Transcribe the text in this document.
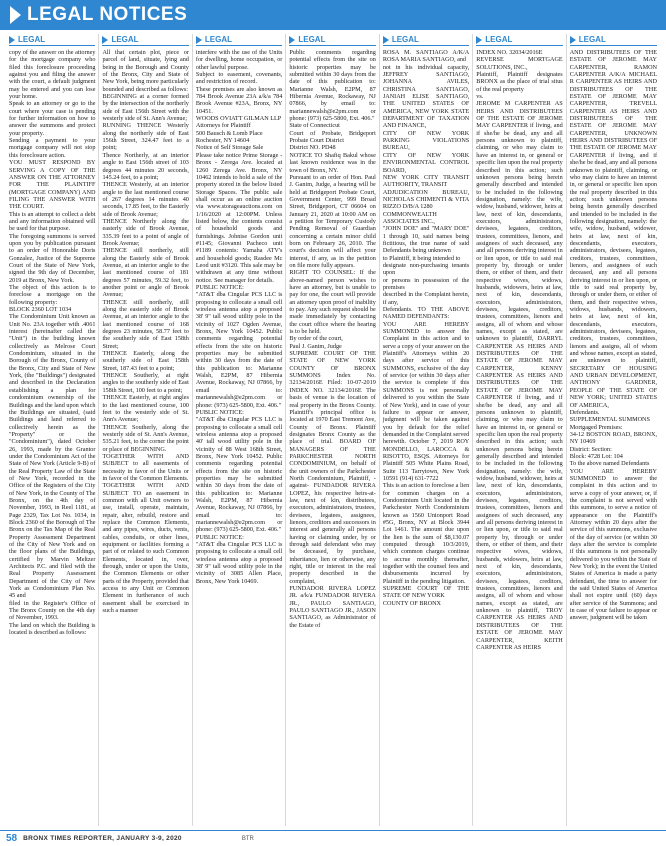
LEGAL NOTICES
LEGAL
copy of the answer on the attorney for the mortgage company who filed this foreclosure proceeding against you and filing the answer with the court, a default judgment may be entered and you can lose your home.
Speak to an attorney or go to the court where your case is pending for further information on how to answer the summons and protect your property.
Sending a payment to your mortgage company will not stop this foreclosure action.
YOU MUST RESPOND BY SERVING A COPY OF THE ANSWER ON THE ATTORNEY FOR THE PLAINTIFF (MORTGAGE COMPANY) AND FILING THE ANSWER WITH THE COURT.
This is an attempt to collect a debt and any information obtained will be used for that purpose.
The foregoing summons is served upon you by publication pursuant to an order of Honorable Doris Gonzalez, Justice of the Supreme Court of the State of New York, signed the 9th day of December, 2019 at Bronx, New York.
The object of this action is to foreclose a mortgage on the following property:
BLOCK 2360 LOT 1034
The Condominium Unit known as Unit No. 23A together with .4061 interest (hereinafter called the "Unit") in the building known collectively as Melrose Court Condominium, situated in the Borough of the Bronx, County of the Bronx, City and State of New York, (the "Buildings") designated and described in the Declaration establishing a plan for condominium ownership of the Buildings and the land upon which the Buildings are situated, (said Buildings and land referred to collectively herein as the "Property" or the "Condominium"), dated October 26, 1993, made by the Grantor under the Condominium Act of the State of New York (Article 9-B) of the Real Property Law of the State of New York, recorded in the Office of the Registers of the City of New York, in the County of The Bronx, on the 4th day of November, 1993, in Reel 1181, at Page 2329, Tax Lot No. 1034, in Block 2360 of the Borough of The Bronx on the Tax Map of the Real Property Assessment Department of the City of New York and on the floor plans of the Buildings, certified by Marvin Meltzer Architects P.C. and filed with the Real Property Assessment Department of the City of New York as Condominium Plan No. 45 and
filed in the Register's Office of The Bronx County on the 4th day of November, 1993.
The land on which the Building is located is described as follows:
LEGAL
All that certain plot, piece or parcel of land, situate, lying and being in the Borough and County of the Bronx, City and State of New York, being more particularly bounded and described as follows:
BEGINNING at a corner formed by the intersection of the northerly side of East 156th Street with the westerly side of St. Ann's Avenue;
RUNNING THENCE Westerly along the northerly side of East 156th Street, 324.47 feet to a point;
Thence Northerly, at an interior angle to East 156th street of 103 degrees 44 minutes 20 seconds, 145.24 feet, to a point;
THENCE Westerly, at an interior angle to the last mentioned course of 267 degrees 14 minutes 40 seconds, 17.85 feet, to the Easterly side of Brook Avenue;
THENCE Northerly along the easterly side of Brook Avenue, 335.39 feet to a point of angle of Brook Avenue;
THENCE still northerly, still along the Easterly side of Brook Avenue, at an interior angle to the last mentioned course of 181 degrees 57 minutes, 59.32 feet, to another point or angle of Brook Avenue;
THENCE still northerly, still along the easterly side of Brook Avenue, at an interior angle to the last mentioned course of 168 degrees 23 minutes, 58.77 feet to the southerly side of East 158th Street;
THENCE Easterly, along the southerly side of East 158th Street, 187.43 feet to a point;
THENCE Southerly, at right angles to the southerly side of East 158th Street, 100 feet to a point;
THENCE Easterly, at right angles to the last mentioned course, 100 feet to the westerly side of St. Ann's Avenue;
THENCE Southerly, along the westerly side of St. Ann's Avenue, 535.21 feet, to the corner the point or place of BEGINNING.
TOGETHER WITH AND SUBJECT to all easements of necessity in favor of the Units or in favor of the Common Elements.
TOGETHER WITH AND SUBJECT TO an easement in common with all Unit owners to use, install, operate, maintain, repair, alter, rebuild, restore and replace the Common Elements, and any pipes, wires, ducts, vents, cables, conduits, or other lines, equipment or facilities forming a part of or related to such Common Elements, located in, over, through, under or upon the Units, the Common Elements or other parts of the Property, provided that access to any Unit or Common Element in furtherance of such easement shall be exercised in such a manner
LEGAL
interfere with the use of the Units for dwelling, home occupation, or other lawful purpose.
Subject to easement, covenants, and restriction of record.
These premises are also known as 784 Brook Avenue 23A a/k/a 784 Brook Avenue #23A, Bronx, NY 10451.
WOODS OVIATT GILMAN LLP
Attorneys for Plaintiff
500 Bausch & Lomb Place
Rochester, NY 14604
Notice of Self Storage Sale
Please take notice Prime Storage - Bronx - Zerega Ave. located at 1260 Zerega Ave. Bronx, NY 10462 intends to hold a sale of the property stored in the below listed Storage Spaces. The public sale shall occur as an online auction via www.storageauctions.com on 1/16/2020 at 12:00PM. Unless listed below, the contents consist of household goods and furnishings. Johnise Gordon unit #1145; Giovanni Pacheco unit #1189 contents: Yamaha ATV's and household goods; Rasdee Mc Leod unit #3120. This sale may be withdrawn at any time without notice. See manager for details.
PUBLIC NOTICE:
"AT&T dba Cingular PCS LLC is proposing to collocate a small cell wireless antenna atop a proposed 38' 9" tall wood utility pole in the vicinity of 1027 Ogden Avenue, Bronx, New York 10452. Public comments regarding potential effects from the site on historic properties may be submitted within 30 days from the date of this publication to: Marianne Walsh, E2PM, 87 Hibernia Avenue, Rockaway, NJ 07866, by email to: mariannewalsh@e2pm.com or phone: (973) 625-5800, Ext. 406."
PUBLIC NOTICE:
"AT&T dba Cingular PCS LLC is proposing to collocate a small cell wireless antenna atop a proposed 40' tall wood utility pole in the vicinity of 88 West 168th Street, Bronx, New York 10452. Public comments regarding potential effects from the site on historic properties may be submitted within 30 days from the date of this publication to: Marianne Walsh, E2PM, 87 Hibernia Avenue, Rockaway, NJ 07866, by email to: mariannewalsh@e2pm.com or phone: (973) 625-5800, Ext. 406."
PUBLIC NOTICE:
"AT&T dba Cingular PCS LLC is proposing to collocate a small cell wireless antenna atop a proposed 38' 9" tall wood utility pole in the vicinity of 3085 Allen Place, Bronx, New York 10469.
LEGAL
Public comments regarding potential effects from the site on historic properties may be submitted within 30 days from the date of this publication to: Marianne Walsh, E2PM, 87 Hibernia Avenue, Rockaway, NJ 07866, by email to: mariannewalsh@e2pm.com or phone: (973) 625-5800, Ext. 406."
State of Connecticut
Court of Probate, Bridgeport Probate Court District
District NO. PD48
NOTICE TO Shafiq Bakul whose last known residence was in the town of Bronx, NY.
Pursuant to an order of Hon. Paul J. Ganim, Judge, a hearing will be held at Bridgeport Probate Court, Government Center, 999 Broad Street, Bridgeport, CT 06604 on January 21, 2020 at 10:00 AM on a petition for Temporary Custody Pending Removal of Guardian concerning a certain minor child born on February 26, 2010. The court's decision will affect your interest, if any, as in the petition on file more fully appears.
RIGHT TO COUNSEL: If the above-named person wishes to have an attorney, but is unable to pay for one, the court will provide an attorney upon proof of inability to pay. Any such request should be made immediately by contacting the court office where the hearing is to be held.
By order of the court,
Paul J. Ganim, Judge
SUPREME COURT OF THE STATE OF NEW YORK COUNTY OF BRONX SUMMONS Index No. 32134/2016E Filed: 10-07-2019 INDEX NO. 32134/2016E The basis of venue is the location of real property in the Bronx County. Plaintiff's principal office is located at 1970 East Tremont Ave, County of Bronx. Plaintiff designates Bronx County as the place of trial. BOARD OF MANAGERS OF THE PARKCHESTER NORTH CONDOMINIUM, on behalf of the unit owners of the Parkchester North Condominium, Plaintiff, -against- FUNDADOR RIVERA LOPEZ, his respective heirs-at-law, next of kin, distributees, executors, administrators, trustees, devisees, legatees, assignees, lienors, creditors and successors in interest and generally all persons having or claiming under, by or through said defendant who may be deceased, by purchase, inheritance, lien or otherwise, any right, title or interest in the real property described in the complaint,
FUNDADOR RIVERA LOPEZ JR. a/k/a FUNDADOR RIVERA JR., PAULO SANTIAGO, PAULO SANTIAGO JR., JASON SANTIAGO, as Administrator of the Estate of
LEGAL
ROSA M. SANTIAGO A/K/A ROSA MARIA SANTIAGO, and
not in his individual capacity, JEFFREY SANTIAGO, JOHANNA AVILES, CHRISTINA SANTIAGO, JANIAH ELISE SANTIAGO, THE UNITED STATES OF AMERICA, NEW YORK STATE DEPARTMENT OF TAXATION AND FINANCE,
CITY OF NEW YORK PARKING VIOLATIONS BUREAU,
CITY OF NEW YORK ENVIRONMENTAL CONTROL BOARD,
NEW YORK CITY TRANSIT AUTHORITY, TRANSIT
ADJUDICATION BUREAU, NICHOLAS CHIMENTI & VITA RIZZO D/B/A 1280
COMMONWEALTH ASSOCIATES INC.,
"JOHN DOE" and "MARY DOE" 1 through 10, said names being fictitious, the true name of said Defendants being unknown
to Plaintiff, it being intended to
designate non-purchasing tenants upon
or persons in possession of the premises
described in the Complaint herein, if any,
Defendants. TO THE ABOVE NAMED DEFENDANTS:
YOU ARE HEREBY SUMMONED to answer the Complaint in this action and to serve a copy of your answer on the Plaintiff's Attorneys within 20 days after service of this SUMMONS, exclusive of the day of service (or within 30 days after the service is complete if this SUMMONS is not personally delivered to you within the State of New York), and in case of your failure to appear or answer, judgment will be taken against you by default for the relief demanded in the Complaint served herewith. October 7, 2019 ROY MONDELLO, LAROCCA & RISOTTO, ESQS. Attorneys for Plaintiff 505 White Plains Road, Suite 113 Tarrytown, New York 10591 (914) 631-7722
This is an action to foreclose a lien for common charges on a Condominium Unit located in the Parkchester North Condominium known as 1560 Unionport Road #5G, Bronx, NY at Block 3944 Lot 1461. The amount due upon the lien is the sum of $8,130.07 computed through 10/3/2019, which common charges continue to accrue monthly thereafter, together with the counsel fees and disbursements incurred by Plaintiff in the pending litigation.
SUPREME COURT OF THE STATE OF NEW YORK
COUNTY OF BRONX
LEGAL
INDEX NO. 32034/2016E
REVERSE MORTGAGE SOLUTIONS, INC.,
Plaintiff, Plaintiff designates BRONX as the place of trial situs of the real property
vs.
JEROME M CARPENTER AS HEIRS AND DISTRIBUTEES OF THE ESTATE OF JEROME MAY CARPENTER if living, and if she/he be dead, any and all persons unknown to plaintiff, claiming, or who may claim to have an interest in, or general or specific lien upon the real property described in this action; such unknown persons being herein generally described and intended to be included in the following designation, namely: the wife, widow, husband, widower, heirs at law, next of kin, descendants, executors, administrators, devisees, legatees, creditors, trustees, committees, lienors, and assignees of such deceased, any and all persons deriving interest in or lien upon, or title to said real property by, through or under them, or either of them, and their respective wives, widows, husbands, widowers, heirs at law, next of kin, descendants, executors, administrators, devisees, legatees, creditors, trustees, committees, lienors and assigns, all of whom and whose names, except as stated, are unknown to plaintiff, DARRYL CARPENTER AS HEIRS AND DISTRIBUTEES OF THE ESTATE OF JEROME MAY CARPENTER, KENNY CARPENTER AS HEIRS AND DISTRIBUTEES OF THE ESTATE OF JEROME MAY CARPENTER if living, and if she/he be dead, any and all persons unknown to plaintiff, claiming, or who may claim to have an interest in, or general or specific lien upon the real property described in this action; such unknown persons being herein generally described and intended to be included in the following designation, namely: the wife, widow, husband, widower, heirs at law, next of kin, descendants, executors, administrators, devisees, legatees, creditors, trustees, committees, lienors and assignees of such deceased, any and all persons deriving interest in or lien upon, or title to said real property by, through or under them, or either of them, and their respective wives, widows, husbands, widowers, heirs at law, next of kin, descendants, executors, administrators, devisees, legatees, creditors, trustees, committees, lienors and assigns, all of whom and whose names, except as stated, are unknown to plaintiff, TROY CARPENTER AS HEIRS AND DISTRIBUTEES OF THE ESTATE OF JEROME MAY CARPENTER, KEITH CARPENTER AS HEIRS
LEGAL
AND DISTRIBUTEES OF THE ESTATE OF JEROME MAY CARPENTER, RAMON CARPENTER A/K/A MICHAEL R CARPENTER AS HEIRS AND DISTRIBUTEES OF THE ESTATE OF JEROME MAY CARPENTER, TREVELL CARPENTER AS HEIRS AND DISTRIBUTEES OF THE ESTATE OF JEROME MAY CARPENTER, UNKNOWN HEIRS AND DISTRIBUTEES OF THE ESTATE OF JEROME MAY CARPENTER if living, and if she/he be dead, any and all persons unknown to plaintiff, claiming, or who may claim to have an interest in, or general or specific lien upon the real property described in this action; such unknown persons being herein generally described and intended to be included in the following designation, namely: the wife, widow, husband, widower, heirs at law, next of kin, descendants, executors, administrators, devisees, legatees, creditors, trustees, committees, lienors, and assignees of such deceased, any and all persons deriving interest in or lien upon, or title to said real property by, through or under them, or either of them, and their respective wives, widows, husbands, widowers, heirs at law, next of kin, descendants, executors, administrators, devisees, legatees, creditors, trustees, committees, lienors and assigns, all of whom and whose names, except as stated, are unknown to plaintiff, SECRETARY OF HOUSING AND URBAN DEVELOPMENT, ANTHONY GARDNER, PEOPLE OF THE STATE OF NEW YORK; UNITED STATES OF AMERICA,
Defendants.
SUPPLEMENTAL SUMMONS
Mortgaged Premises:
34-12 BOSTON ROAD, BRONX, NY 10469
District: Section:
Block: 4728 Lot: 104
To the above named Defendants
YOU ARE HEREBY SUMMONED to answer the complaint in this action and to serve a copy of your answer, or, if the complaint is not served with this summons, to serve a notice of appearance on the Plaintiff's Attorney within 20 days after the service of this summons, exclusive of the day of service (or within 30 days after the service is complete if this summons is not personally delivered to you within the State of New York); in the event the United States of America is made a party defendant, the time to answer for the said United States of America shall not expire until (60) days after service of the Summons; and in case of your failure to appear or answer, judgment will be taken
58 BRONX TIMES REPORTER, JANUARY 3-9, 2020	BTR
